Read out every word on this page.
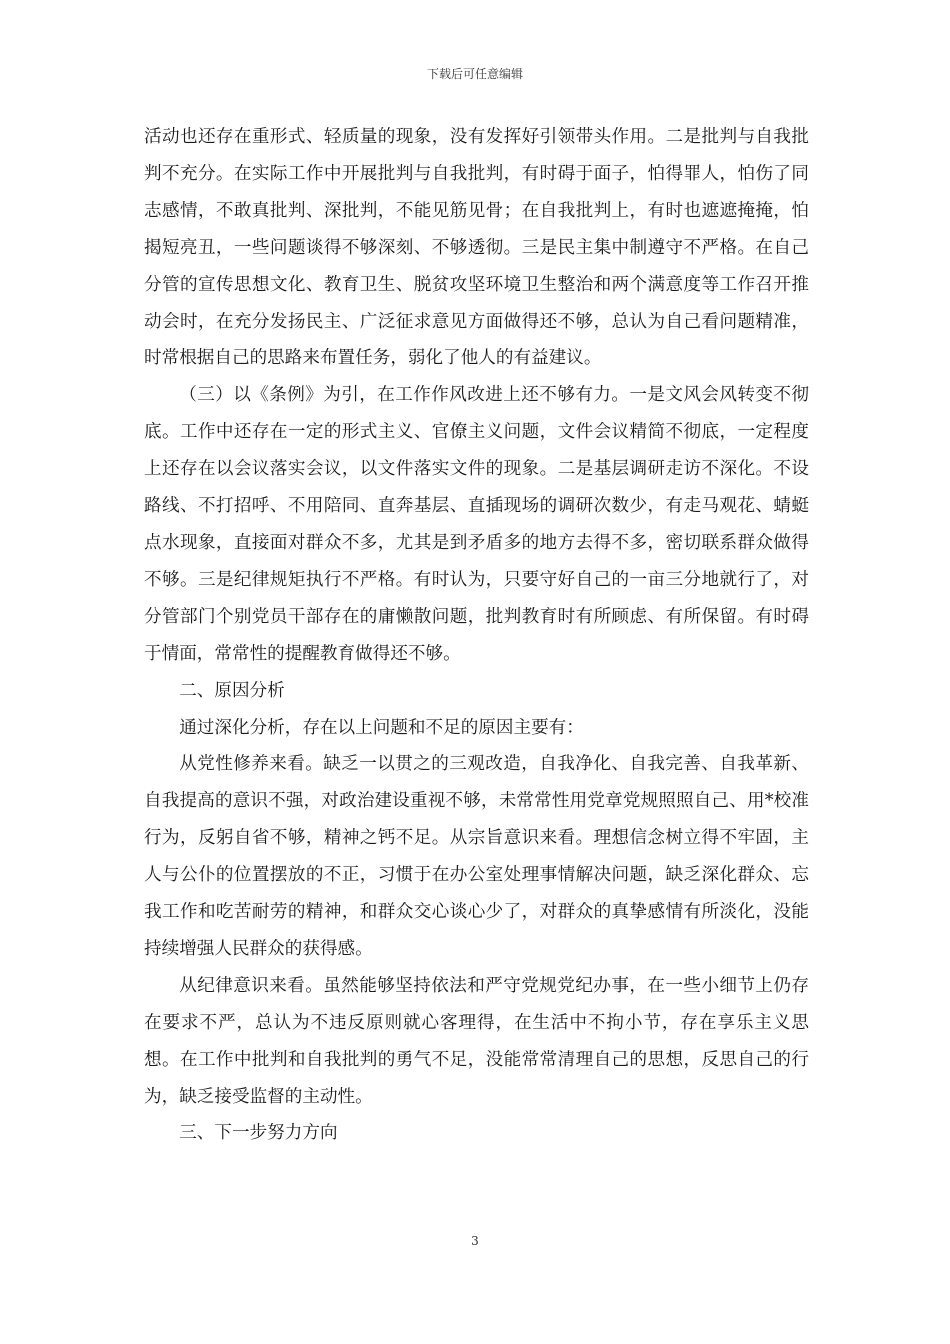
下载后可任意编辑

活动也还存在重形式、轻质量的现象，没有发挥好引领带头作用。二是批判与自我批判不充分。在实际工作中开展批判与自我批判，有时碍于面子，怕得罪人，怕伤了同志感情，不敢真批判、深批判，不能见筋见骨；在自我批判上，有时也遮遮掩掩，怕揭短亮丑，一些问题谈得不够深刻、不够透彻。三是民主集中制遵守不严格。在自己分管的宣传思想文化、教育卫生、脱贫攻坚环境卫生整治和两个满意度等工作召开推动会时，在充分发扬民主、广泛征求意见方面做得还不够，总认为自己看问题精准，时常根据自己的思路来布置任务，弱化了他人的有益建议。

（三）以《条例》为引，在工作作风改进上还不够有力。一是文风会风转变不彻底。工作中还存在一定的形式主义、官僚主义问题，文件会议精简不彻底，一定程度上还存在以会议落实会议，以文件落实文件的现象。二是基层调研走访不深化。不设路线、不打招呼、不用陪同、直奔基层、直插现场的调研次数少，有走马观花、蜻蜓点水现象，直接面对群众不多，尤其是到矛盾多的地方去得不多，密切联系群众做得不够。三是纪律规矩执行不严格。有时认为，只要守好自己的一亩三分地就行了，对分管部门个别党员干部存在的庸懒散问题，批判教育时有所顾虑、有所保留。有时碍于情面，常常性的提醒教育做得还不够。

二、原因分析

通过深化分析，存在以上问题和不足的原因主要有：

从党性修养来看。缺乏一以贯之的三观改造，自我净化、自我完善、自我革新、自我提高的意识不强，对政治建设重视不够，未常常性用党章党规照照自己、用*校准行为，反躬自省不够，精神之钙不足。从宗旨意识来看。理想信念树立得不牢固，主人与公仆的位置摆放的不正，习惯于在办公室处理事情解决问题，缺乏深化群众、忘我工作和吃苦耐劳的精神，和群众交心谈心少了，对群众的真挚感情有所淡化，没能持续增强人民群众的获得感。

从纪律意识来看。虽然能够坚持依法和严守党规党纪办事，在一些小细节上仍存在要求不严，总认为不违反原则就心客理得，在生活中不拘小节，存在享乐主义思想。在工作中批判和自我批判的勇气不足，没能常常清理自己的思想，反思自己的行为，缺乏接受监督的主动性。

三、下一步努力方向

3
